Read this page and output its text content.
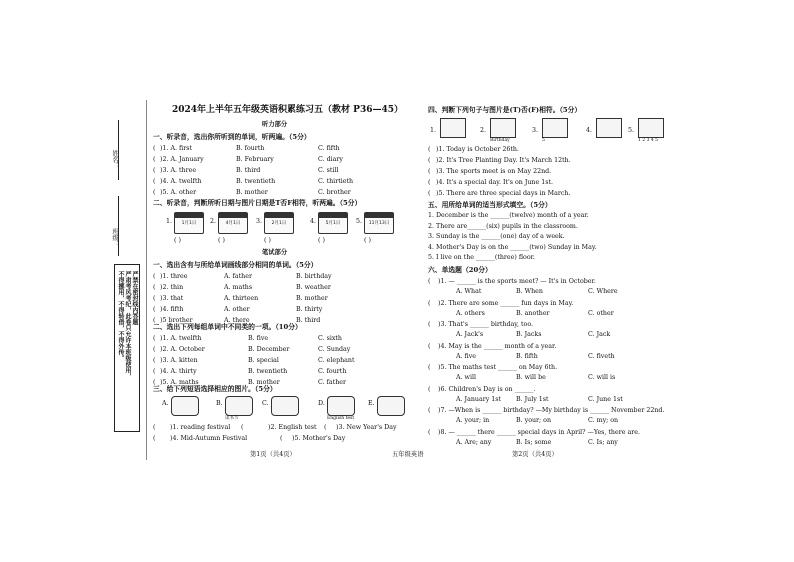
姓名：
班级：
严禁在密封线内答题
严肃考风考纪，此卷只允许本班级使用，
不得挪用，不得转借，不得外传。
2024年上半年五年级英语积累练习五（教材 P36—45）
听力部分
一、听录音，选出你所听到的单词，听两遍。（5分）
( )1. A. first	B. fourth	C. fifth
( )2. A. January	B. February	C. diary
( )3. A. three	B. third	C. still
( )4. A. twelfth	B. twentieth	C. thirtieth
( )5. A. other	B. mother	C. brother
二、听录音，判断所听日期与图片日期是T否F相符，听两遍。（5分）
1.	1月1日
( )
2.	4月1日
( )
3.	2月1日
( )
4.	5月1日
( )
5.	11月13日
( )
笔试部分
一、选出含有与所给单词画线部分相同的单词。（5分）
( )1. three	A. father	B. birthday
( )2. thin	A. maths	B. weather
( )3. that	A. thirteen	B. mother
( )4. fifth	A. other	B. thirty
( )5 brother	A. there	B. third
二、选出下列每组单词中不同类的一项。（10分）
( )1. A. twelfth	B. five	C. sixth
( )2. A. October	B. December	C. Sunday
( )3. A. kitten	B. special	C. elephant
( )4. A. thirty	B. twentieth	C. fourth
( )5. A. maths	B. mother	C. father
三、给下列短语选择相应的图片。（5分）
A.	B.
读书节
C.	D.
English test
E.
( )1. reading festival (	)2. English test ( )3. New Year's Day
( )4. Mid-Autumn Festival	( )5. Mother's Day
第1页（共4页）	五年级英语
四、判断下列句子与图片是(T)否(F)相符。（5分）
1.	2.
Birthday
3.
5
4.	5.
1 2 3 4 5
( )1. Today is October 26th.
( )2. It's Tree Planting Day. It's March 12th.
( )3. The sports meet is on May 22nd.
( )4. It's a special day. It's on June 1st.
( )5. There are three special days in March.
五、用所给单词的适当形式填空。（5分）
1. December is the ______(twelve) month of a year.
2. There are______(six) pupils in the classroom.
3. Sunday is the ______(one) day of a week.
4. Mother's Day is on the ______(two) Sunday in May.
5. I live on the ______(three) floor.
六、单选题（20分）
( )1. — ______ is the sports meet? — It's in October.
A. What	B. When	C. Where
( )2. There are some ______ fun days in May.
A. others	B. another	C. other
( )3. That's ______ birthday, too.
A. Jack's	B. Jacks	C. Jack
( )4. May is the ______ month of a year.
A. five	B. fifth	C. fiveth
( )5. The maths test ______ on May 6th.
A. will	B. will be	C. will is
( )6. Children's Day is on ______.
A. January 1st B. July 1st	C. June 1st
( )7. —When is ______ birthday? —My birthday is ______ November 22nd.
A. your; in	B. your; on	C. my; on
( )8. — ______ there ______ special days in April? —Yes, there are.
A. Are; any	B. Is; some	C. Is; any
第2页（共4页）
